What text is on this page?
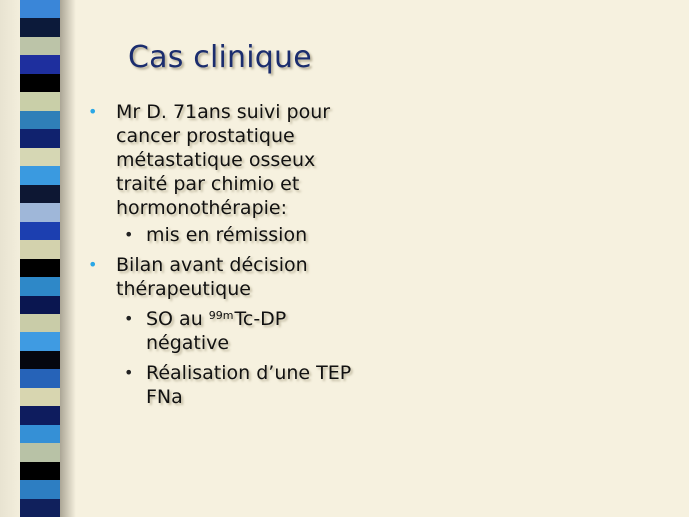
Cas clinique
• Mr D. 71ans suivi pour
cancer prostatique
métastatique osseux
traité par chimio et
hormonothérapie:
• mis en rémission
• Bilan avant décision
thérapeutique
• SO au $^{99m}$Tc-DP
négative
• Réalisation d’une TEP
FNa
